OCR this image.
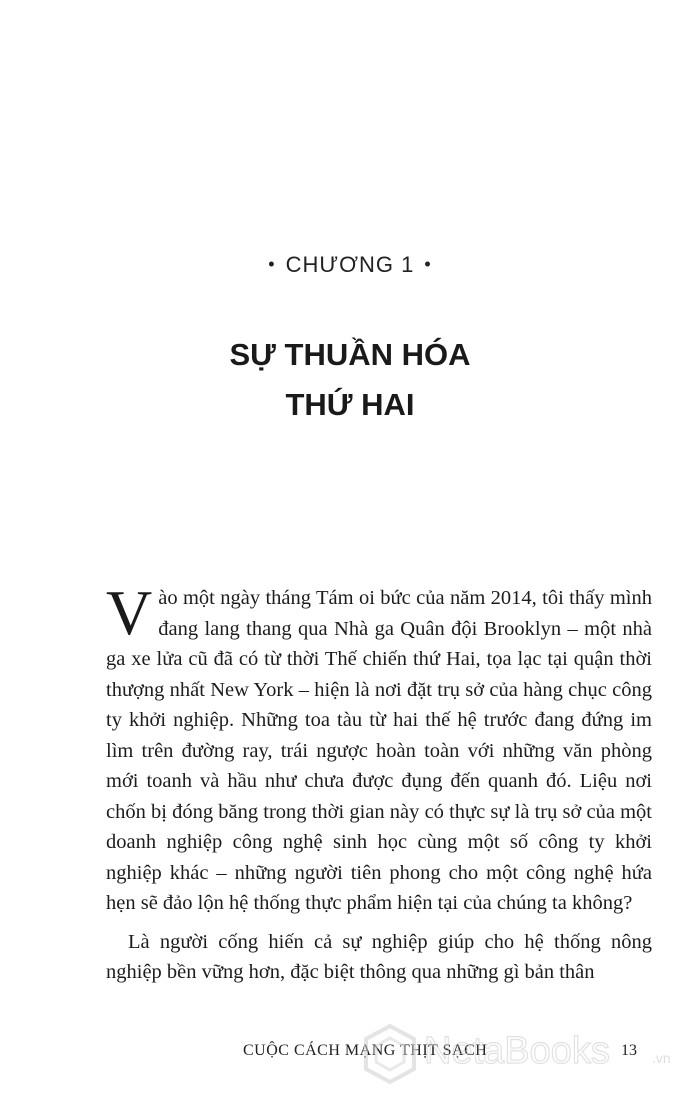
• CHƯƠNG 1 •
SỰ THUẦN HÓA
THỨ HAI

Vào một ngày tháng Tám oi bức của năm 2014, tôi thấy mình đang lang thang qua Nhà ga Quân đội Brooklyn – một nhà ga xe lửa cũ đã có từ thời Thế chiến thứ Hai, tọa lạc tại quận thời thượng nhất New York – hiện là nơi đặt trụ sở của hàng chục công ty khởi nghiệp. Những toa tàu từ hai thế hệ trước đang đứng im lìm trên đường ray, trái ngược hoàn toàn với những văn phòng mới toanh và hầu như chưa được đụng đến quanh đó. Liệu nơi chốn bị đóng băng trong thời gian này có thực sự là trụ sở của một doanh nghiệp công nghệ sinh học cùng một số công ty khởi nghiệp khác – những người tiên phong cho một công nghệ hứa hẹn sẽ đảo lộn hệ thống thực phẩm hiện tại của chúng ta không?

Là người cống hiến cả sự nghiệp giúp cho hệ thống nông nghiệp bền vững hơn, đặc biệt thông qua những gì bản thân

CUỘC CÁCH MẠNG THỊT SẠCH	13
NetaBooks	.vn
